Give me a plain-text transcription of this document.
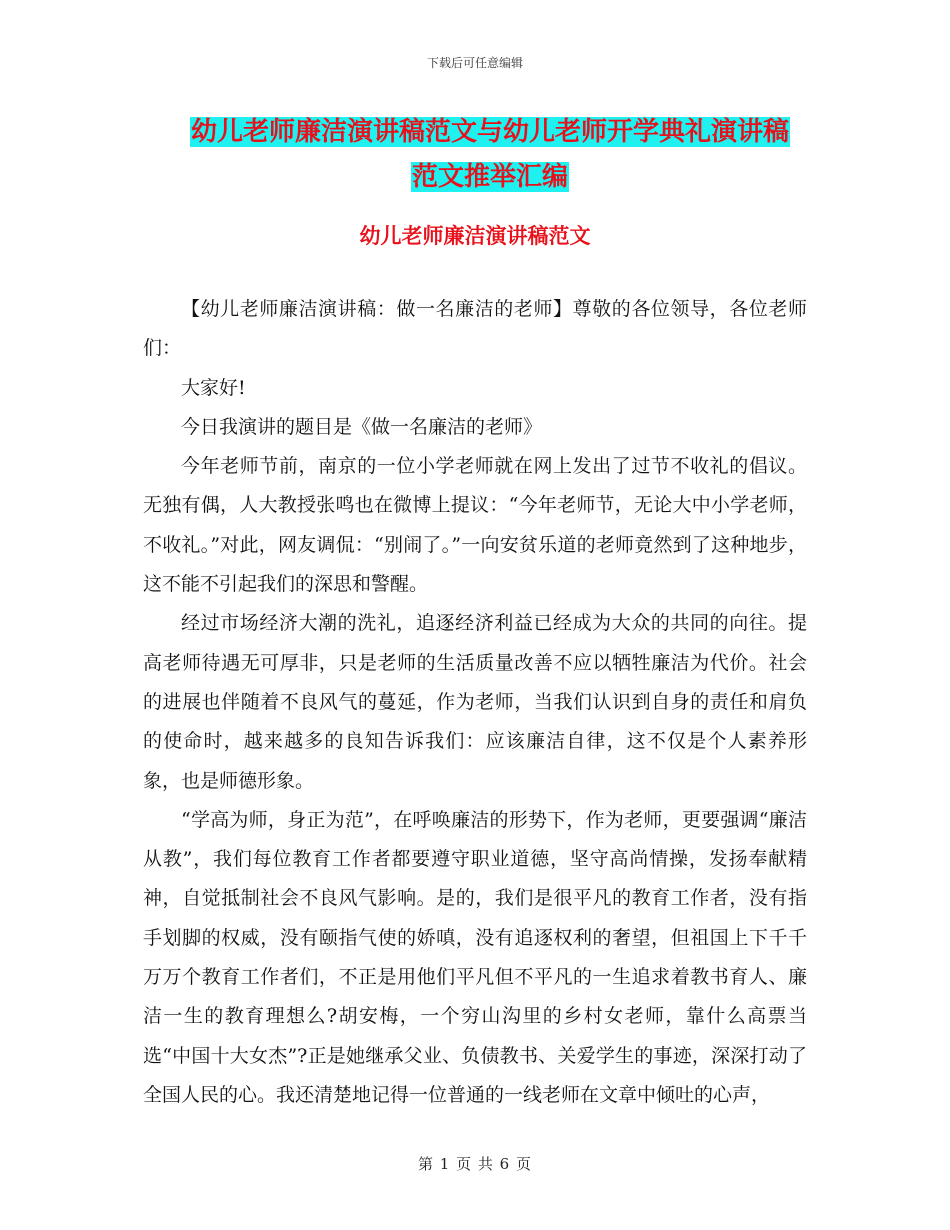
下载后可任意编辑
幼儿老师廉洁演讲稿范文与幼儿老师开学典礼演讲稿
范文推举汇编
幼儿老师廉洁演讲稿范文

【幼儿老师廉洁演讲稿：做一名廉洁的老师】尊敬的各位领导，各位老师们：

大家好!

今日我演讲的题目是《做一名廉洁的老师》

今年老师节前，南京的一位小学老师就在网上发出了过节不收礼的倡议。无独有偶，人大教授张鸣也在微博上提议：“今年老师节，无论大中小学老师，不收礼。”对此，网友调侃：“别闹了。”一向安贫乐道的老师竟然到了这种地步，这不能不引起我们的深思和警醒。

经过市场经济大潮的洗礼，追逐经济利益已经成为大众的共同的向往。提高老师待遇无可厚非，只是老师的生活质量改善不应以牺牲廉洁为代价。社会的进展也伴随着不良风气的蔓延，作为老师，当我们认识到自身的责任和肩负的使命时，越来越多的良知告诉我们：应该廉洁自律，这不仅是个人素养形象，也是师德形象。

“学高为师，身正为范”，在呼唤廉洁的形势下，作为老师，更要强调“廉洁从教”，我们每位教育工作者都要遵守职业道德，坚守高尚情操，发扬奉献精神，自觉抵制社会不良风气影响。是的，我们是很平凡的教育工作者，没有指手划脚的权威，没有颐指气使的娇嗔，没有追逐权利的奢望，但祖国上下千千万万个教育工作者们，不正是用他们平凡但不平凡的一生追求着教书育人、廉洁一生的教育理想么?胡安梅，一个穷山沟里的乡村女老师，靠什么高票当选“中国十大女杰”?正是她继承父业、负债教书、关爱学生的事迹，深深打动了全国人民的心。我还清楚地记得一位普通的一线老师在文章中倾吐的心声，

第 1 页 共 6 页
